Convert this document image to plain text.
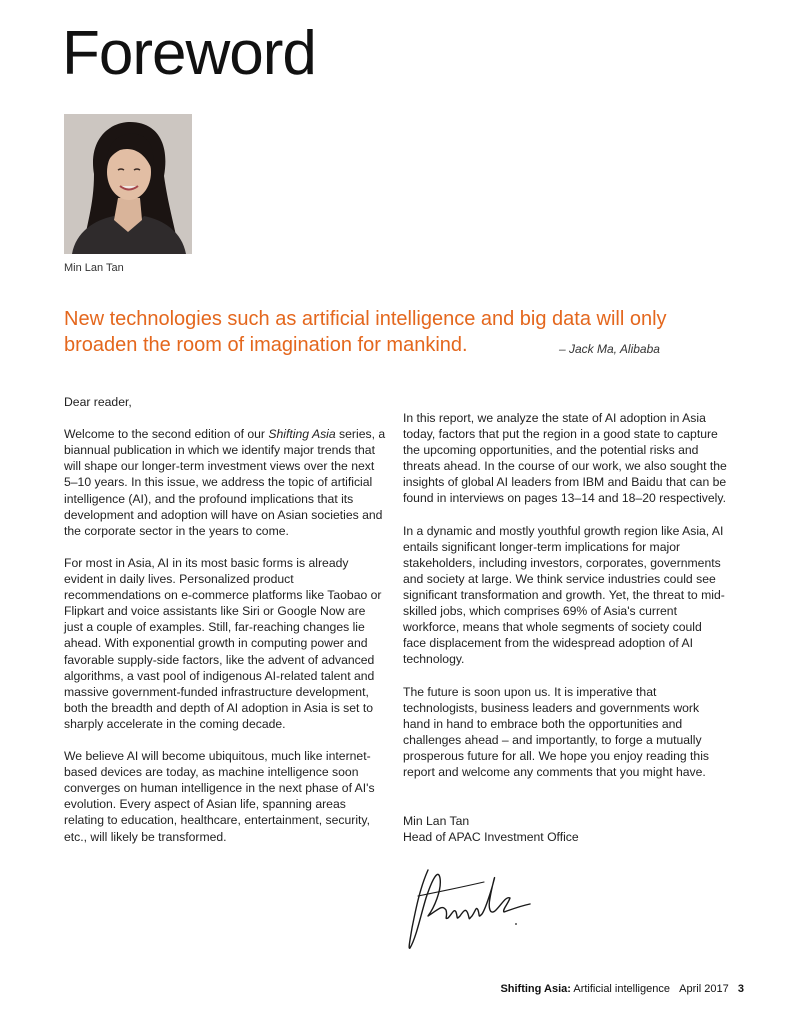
Foreword
Min Lan Tan
New technologies such as artificial intelligence and big data will only broaden the room of imagination for mankind.	– Jack Ma, Alibaba

Dear reader,

Welcome to the second edition of our Shifting Asia series, a biannual publication in which we identify major trends that will shape our longer-term investment views over the next 5–10 years. In this issue, we address the topic of artificial intelligence (AI), and the profound implications that its development and adoption will have on Asian societies and the corporate sector in the years to come.

For most in Asia, AI in its most basic forms is already evident in daily lives. Personalized product recommendations on e-commerce platforms like Taobao or Flipkart and voice assistants like Siri or Google Now are just a couple of examples. Still, far-reaching changes lie ahead. With exponential growth in computing power and favorable supply-side factors, like the advent of advanced algorithms, a vast pool of indigenous AI-related talent and massive government-funded infrastructure development, both the breadth and depth of AI adoption in Asia is set to sharply accelerate in the coming decade.

We believe AI will become ubiquitous, much like internet-based devices are today, as machine intelligence soon converges on human intelligence in the next phase of AI's evolution. Every aspect of Asian life, spanning areas relating to education, healthcare, entertainment, security, etc., will likely be transformed.

In this report, we analyze the state of AI adoption in Asia today, factors that put the region in a good state to capture the upcoming opportunities, and the potential risks and threats ahead. In the course of our work, we also sought the insights of global AI leaders from IBM and Baidu that can be found in interviews on pages 13–14 and 18–20 respectively.

In a dynamic and mostly youthful growth region like Asia, AI entails significant longer-term implications for major stakeholders, including investors, corporates, governments and society at large. We think service industries could see significant transformation and growth. Yet, the threat to mid-skilled jobs, which comprises 69% of Asia's current workforce, means that whole segments of society could face displacement from the widespread adoption of AI technology.

The future is soon upon us. It is imperative that technologists, business leaders and governments work hand in hand to embrace both the opportunities and challenges ahead – and importantly, to forge a mutually prosperous future for all. We hope you enjoy reading this report and welcome any comments that you might have.

Min Lan Tan
Head of APAC Investment Office
Shifting Asia: Artificial intelligence April 2017 3
